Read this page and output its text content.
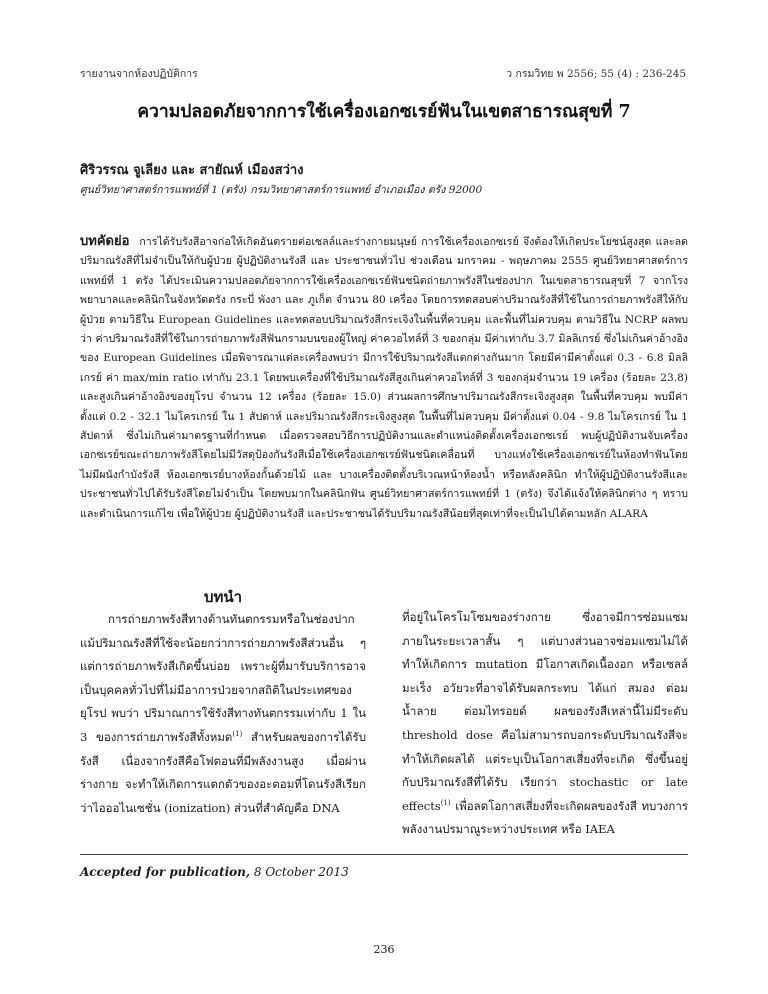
รายงานจากห้องปฏิบัติการ	ว กรมวิทย พ 2556; 55 (4) : 236-245
ความปลอดภัยจากการใช้เครื่องเอกซเรย์ฟันในเขตสาธารณสุขที่ 7
ศิริวรรณ จูเลียง และ สายัณห์ เมืองสว่าง
ศูนย์วิทยาศาสตร์การแพทย์ที่ 1 (ตรัง) กรมวิทยาศาสตร์การแพทย์ อำเภอเมือง ตรัง 92000
บทคัดย่อ การได้รับรังสีอาจก่อให้เกิดอันตรายต่อเซลล์และร่างกายมนุษย์ การใช้เครื่องเอกซเรย์ จึงต้องให้เกิดประโยชน์สูงสุด และลดปริมาณรังสีที่ไม่จำเป็นให้กับผู้ป่วย ผู้ปฏิบัติงานรังสี และ ประชาชนทั่วไป ช่วงเดือน มกราคม - พฤษภาคม 2555 ศูนย์วิทยาศาสตร์การแพทย์ที่ 1 ตรัง ได้ประเมินความปลอดภัยจากการใช้เครื่องเอกซเรย์ฟันชนิดถ่ายภาพรังสีในช่องปาก ในเขตสาธารณสุขที่ 7 จากโรงพยาบาลและคลินิกในจังหวัดตรัง กระบี่ พังงา และ ภูเก็ต จำนวน 80 เครื่อง โดยการทดสอบค่าปริมาณรังสีที่ใช้ในการถ่ายภาพรังสีให้กับผู้ป่วย ตามวิธีใน European Guidelines และทดสอบปริมาณรังสีกระเจิงในพื้นที่ควบคุม และพื้นที่ไม่ควบคุม ตามวิธีใน NCRP ผลพบว่า ค่าปริมาณรังสีที่ใช้ในการถ่ายภาพรังสีฟันกรามบนของผู้ใหญ่ ค่าควอไทล์ที่ 3 ของกลุ่ม มีค่าเท่ากับ 3.7 มิลลิเกรย์ ซึ่งไม่เกินค่าอ้างอิงของ European Guidelines เมื่อพิจารณาแต่ละเครื่องพบว่า มีการใช้ปริมาณรังสีแตกต่างกันมาก โดยมีค่ามีค่าตั้งแต่ 0.3 - 6.8 มิลลิเกรย์ ค่า max/min ratio เท่ากับ 23.1 โดยพบเครื่องที่ใช้ปริมาณรังสีสูงเกินค่าควอไทล์ที่ 3 ของกลุ่มจำนวน 19 เครื่อง (ร้อยละ 23.8) และสูงเกินค่าอ้างอิงของยุโรป จำนวน 12 เครื่อง (ร้อยละ 15.0) ส่วนผลการศึกษาปริมาณรังสีกระเจิงสูงสุด ในพื้นที่ควบคุม พบมีค่าตั้งแต่ 0.2 - 32.1 ไมโครเกรย์ ใน 1 สัปดาห์ และปริมาณรังสีกระเจิงสูงสุด ในพื้นที่ไม่ควบคุม มีค่าตั้งแต่ 0.04 - 9.8 ไมโครเกรย์ ใน 1 สัปดาห์ ซึ่งไม่เกินค่ามาตรฐานที่กำหนด เมื่อตรวจสอบวิธีการปฏิบัติงานและตำแหน่งติดตั้งเครื่องเอกซเรย์ พบผู้ปฏิบัติงานจับเครื่องเอกซเรย์ขณะถ่ายภาพรังสีโดยไม่มีวัสดุป้องกันรังสีเมื่อใช้เครื่องเอกซเรย์ฟันชนิดเคลื่อนที่ บางแห่งใช้เครื่องเอกซเรย์ในห้องทำฟันโดยไม่มีผนังกำบังรังสี ห้องเอกซเรย์บางห้องกั้นด้วยไม้ และ บางเครื่องติดตั้งบริเวณหน้าห้องน้ำ หรือหลังคลินิก ทำให้ผู้ปฏิบัติงานรังสีและประชาชนทั่วไปได้รับรังสีโดยไม่จำเป็น โดยพบมากในคลินิกฟัน ศูนย์วิทยาศาสตร์การแพทย์ที่ 1 (ตรัง) จึงได้แจ้งให้คลินิกต่าง ๆ ทราบและดำเนินการแก้ไข เพื่อให้ผู้ป่วย ผู้ปฏิบัติงานรังสี และประชาชนได้รับปริมาณรังสีน้อยที่สุดเท่าที่จะเป็นไปได้ตามหลัก ALARA
บทนำ

การถ่ายภาพรังสีทางด้านทันตกรรมหรือในช่องปาก แม้ปริมาณรังสีที่ใช้จะน้อยกว่าการถ่ายภาพรังสีส่วนอื่น ๆ แต่การถ่ายภาพรังสีเกิดขึ้นบ่อย เพราะผู้ที่มารับบริการอาจเป็นบุคคลทั่วไปที่ไม่มีอาการป่วยจากสถิติในประเทศของยุโรป พบว่า ปริมาณการใช้รังสีทางทันตกรรมเท่ากับ 1 ใน 3 ของการถ่ายภาพรังสีทั้งหมด$^{(1)}$ สำหรับผลของการได้รับรังสี เนื่องจากรังสีคือโฟตอนที่มีพลังงานสูง เมื่อผ่านร่างกาย จะทำให้เกิดการแตกตัวของอะตอมที่โดนรังสีเรียกว่าไอออไนเซชั่น (ionization) ส่วนที่สำคัญคือ DNA

ที่อยู่ในโครโมโซมของร่างกาย ซึ่งอาจมีการซ่อมแซมภายในระยะเวลาสั้น ๆ แต่บางส่วนอาจซ่อมแซมไม่ได้ ทำให้เกิดการ mutation มีโอกาสเกิดเนื้องอก หรือเซลล์มะเร็ง อวัยวะที่อาจได้รับผลกระทบ ได้แก่ สมอง ต่อมน้ำลาย ต่อมไทรอยด์ ผลของรังสีเหล่านี้ไม่มีระดับ threshold dose คือไม่สามารถบอกระดับปริมาณรังสีจะทำให้เกิดผลได้ แต่ระบุเป็นโอกาสเสี่ยงที่จะเกิด ซึ่งขึ้นอยู่กับปริมาณรังสีที่ได้รับ เรียกว่า stochastic or late effects$^{(1)}$ เพื่อลดโอกาสเสี่ยงที่จะเกิดผลของรังสี ทบวงการพลังงานปรมาณูระหว่างประเทศ หรือ IAEA

Accepted for publication, 8 October 2013
236
